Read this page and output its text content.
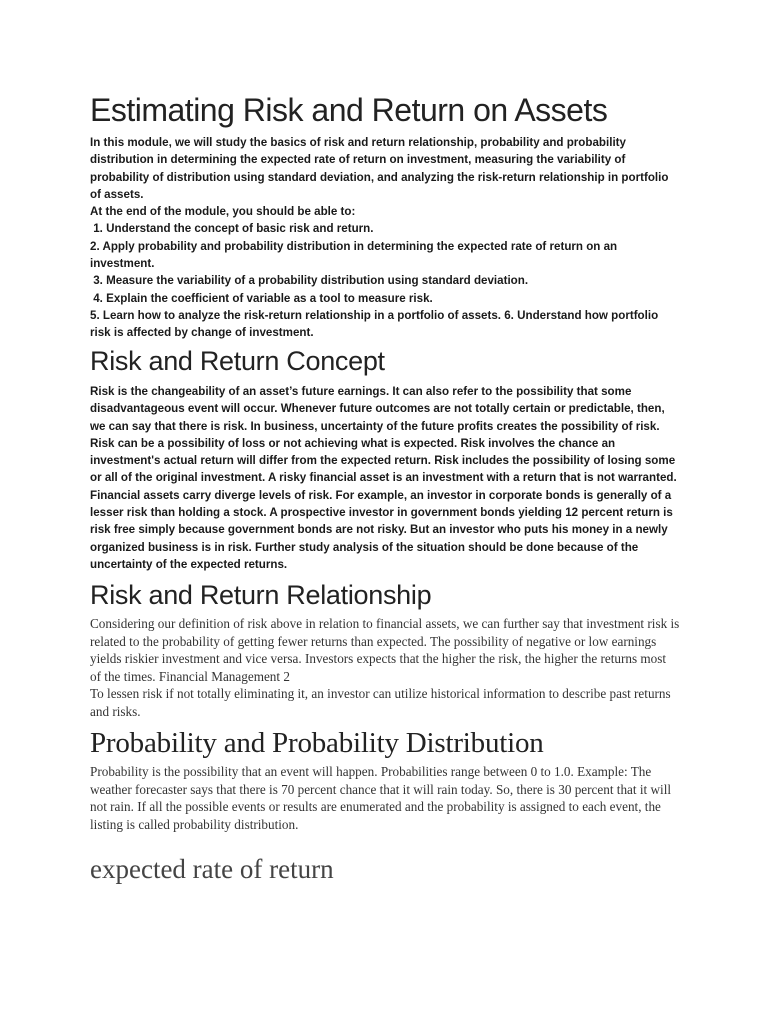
Estimating Risk and Return on Assets

In this module, we will study the basics of risk and return relationship, probability and probability distribution in determining the expected rate of return on investment, measuring the variability of probability of distribution using standard deviation, and analyzing the risk-return relationship in portfolio of assets.

At the end of the module, you should be able to:

1. Understand the concept of basic risk and return.

2. Apply probability and probability distribution in determining the expected rate of return on an investment.

3. Measure the variability of a probability distribution using standard deviation.

4. Explain the coefficient of variable as a tool to measure risk.

5. Learn how to analyze the risk-return relationship in a portfolio of assets. 6. Understand how portfolio risk is affected by change of investment.

Risk and Return Concept

Risk is the changeability of an asset’s future earnings. It can also refer to the possibility that some disadvantageous event will occur. Whenever future outcomes are not totally certain or predictable, then, we can say that there is risk. In business, uncertainty of the future profits creates the possibility of risk. Risk can be a possibility of loss or not achieving what is expected. Risk involves the chance an investment's actual return will differ from the expected return. Risk includes the possibility of losing some or all of the original investment. A risky financial asset is an investment with a return that is not warranted. Financial assets carry diverge levels of risk. For example, an investor in corporate bonds is generally of a lesser risk than holding a stock. A prospective investor in government bonds yielding 12 percent return is risk free simply because government bonds are not risky. But an investor who puts his money in a newly organized business is in risk. Further study analysis of the situation should be done because of the uncertainty of the expected returns.

Risk and Return Relationship

Considering our definition of risk above in relation to financial assets, we can further say that investment risk is related to the probability of getting fewer returns than expected. The possibility of negative or low earnings yields riskier investment and vice versa. Investors expects that the higher the risk, the higher the returns most of the times. Financial Management 2

To lessen risk if not totally eliminating it, an investor can utilize historical information to describe past returns and risks.

Probability and Probability Distribution

Probability is the possibility that an event will happen. Probabilities range between 0 to 1.0. Example: The weather forecaster says that there is 70 percent chance that it will rain today. So, there is 30 percent that it will not rain. If all the possible events or results are enumerated and the probability is assigned to each event, the listing is called probability distribution.

expected rate of return
